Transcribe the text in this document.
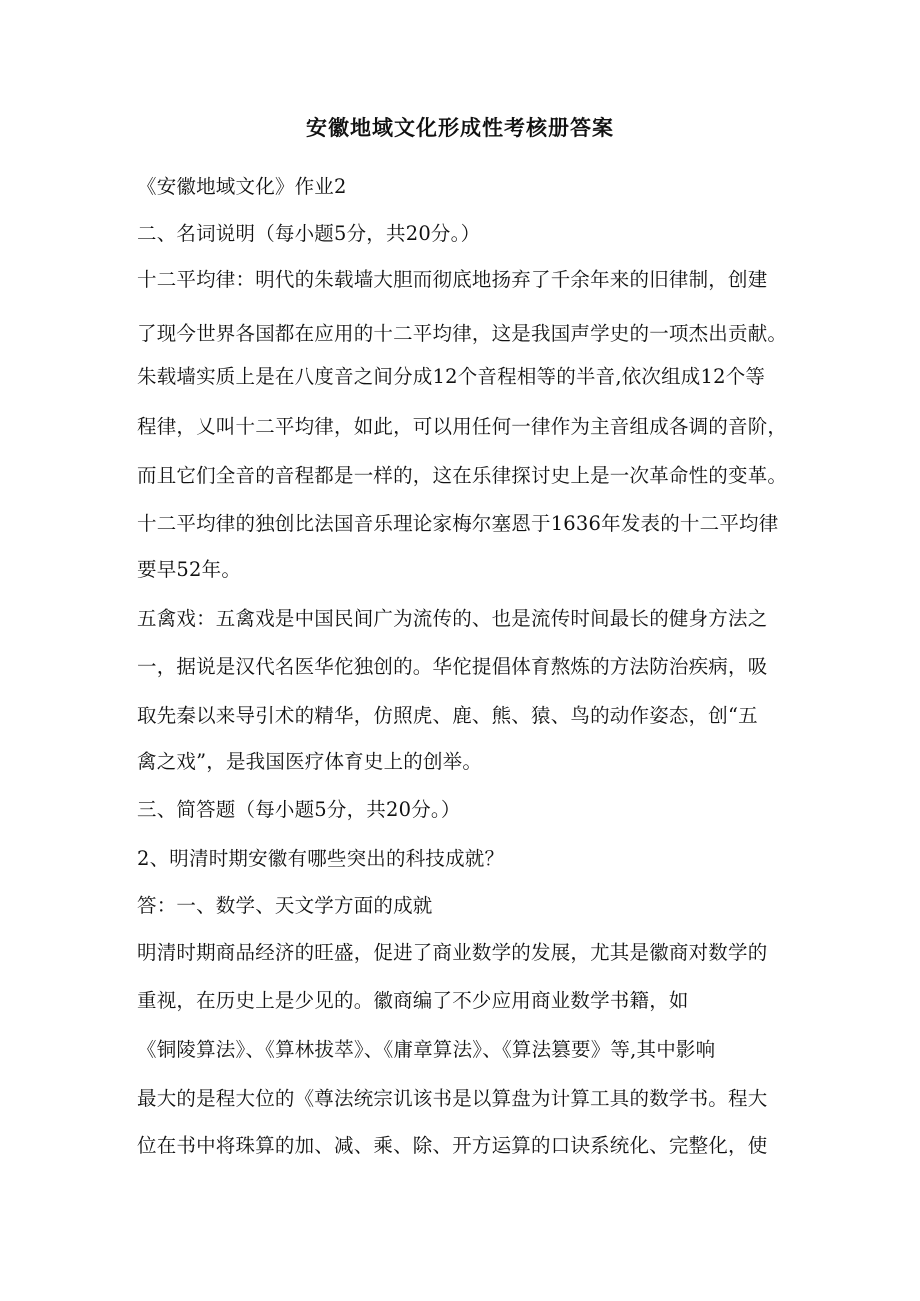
安徽地域文化形成性考核册答案
《安徽地域文化》作业2
二、名词说明（每小题5分，共20分。）
十二平均律：明代的朱载墙大胆而彻底地扬弃了千余年来的旧律制，创建
了现今世界各国都在应用的十二平均律，这是我国声学史的一项杰出贡献。
朱载墙实质上是在八度音之间分成12个音程相等的半音,依次组成12个等
程律，乂叫十二平均律，如此，可以用任何一律作为主音组成各调的音阶，
而且它们全音的音程都是一样的，这在乐律探讨史上是一次革命性的变革。
十二平均律的独创比法国音乐理论家梅尔塞恩于1636年发表的十二平均律
要早52年。
五禽戏：五禽戏是中国民间广为流传的、也是流传时间最长的健身方法之
一，据说是汉代名医华佗独创的。华佗提倡体育熬炼的方法防治疾病，吸
取先秦以来导引术的精华，仿照虎、鹿、熊、猿、鸟的动作姿态，创“五
禽之戏”，是我国医疗体育史上的创举。
三、简答题（每小题5分，共20分。）
2、明清时期安徽有哪些突出的科技成就？
答：一、数学、天文学方面的成就
明清时期商品经济的旺盛，促进了商业数学的发展，尤其是徽商对数学的
重视，在历史上是少见的。徽商编了不少应用商业数学书籍，如
《铜陵算法》、《算林拔萃》、《庸章算法》、《算法篡要》等,其中影响
最大的是程大位的《尊法统宗讥该书是以算盘为计算工具的数学书。程大
位在书中将珠算的加、减、乘、除、开方运算的口诀系统化、完整化，使
